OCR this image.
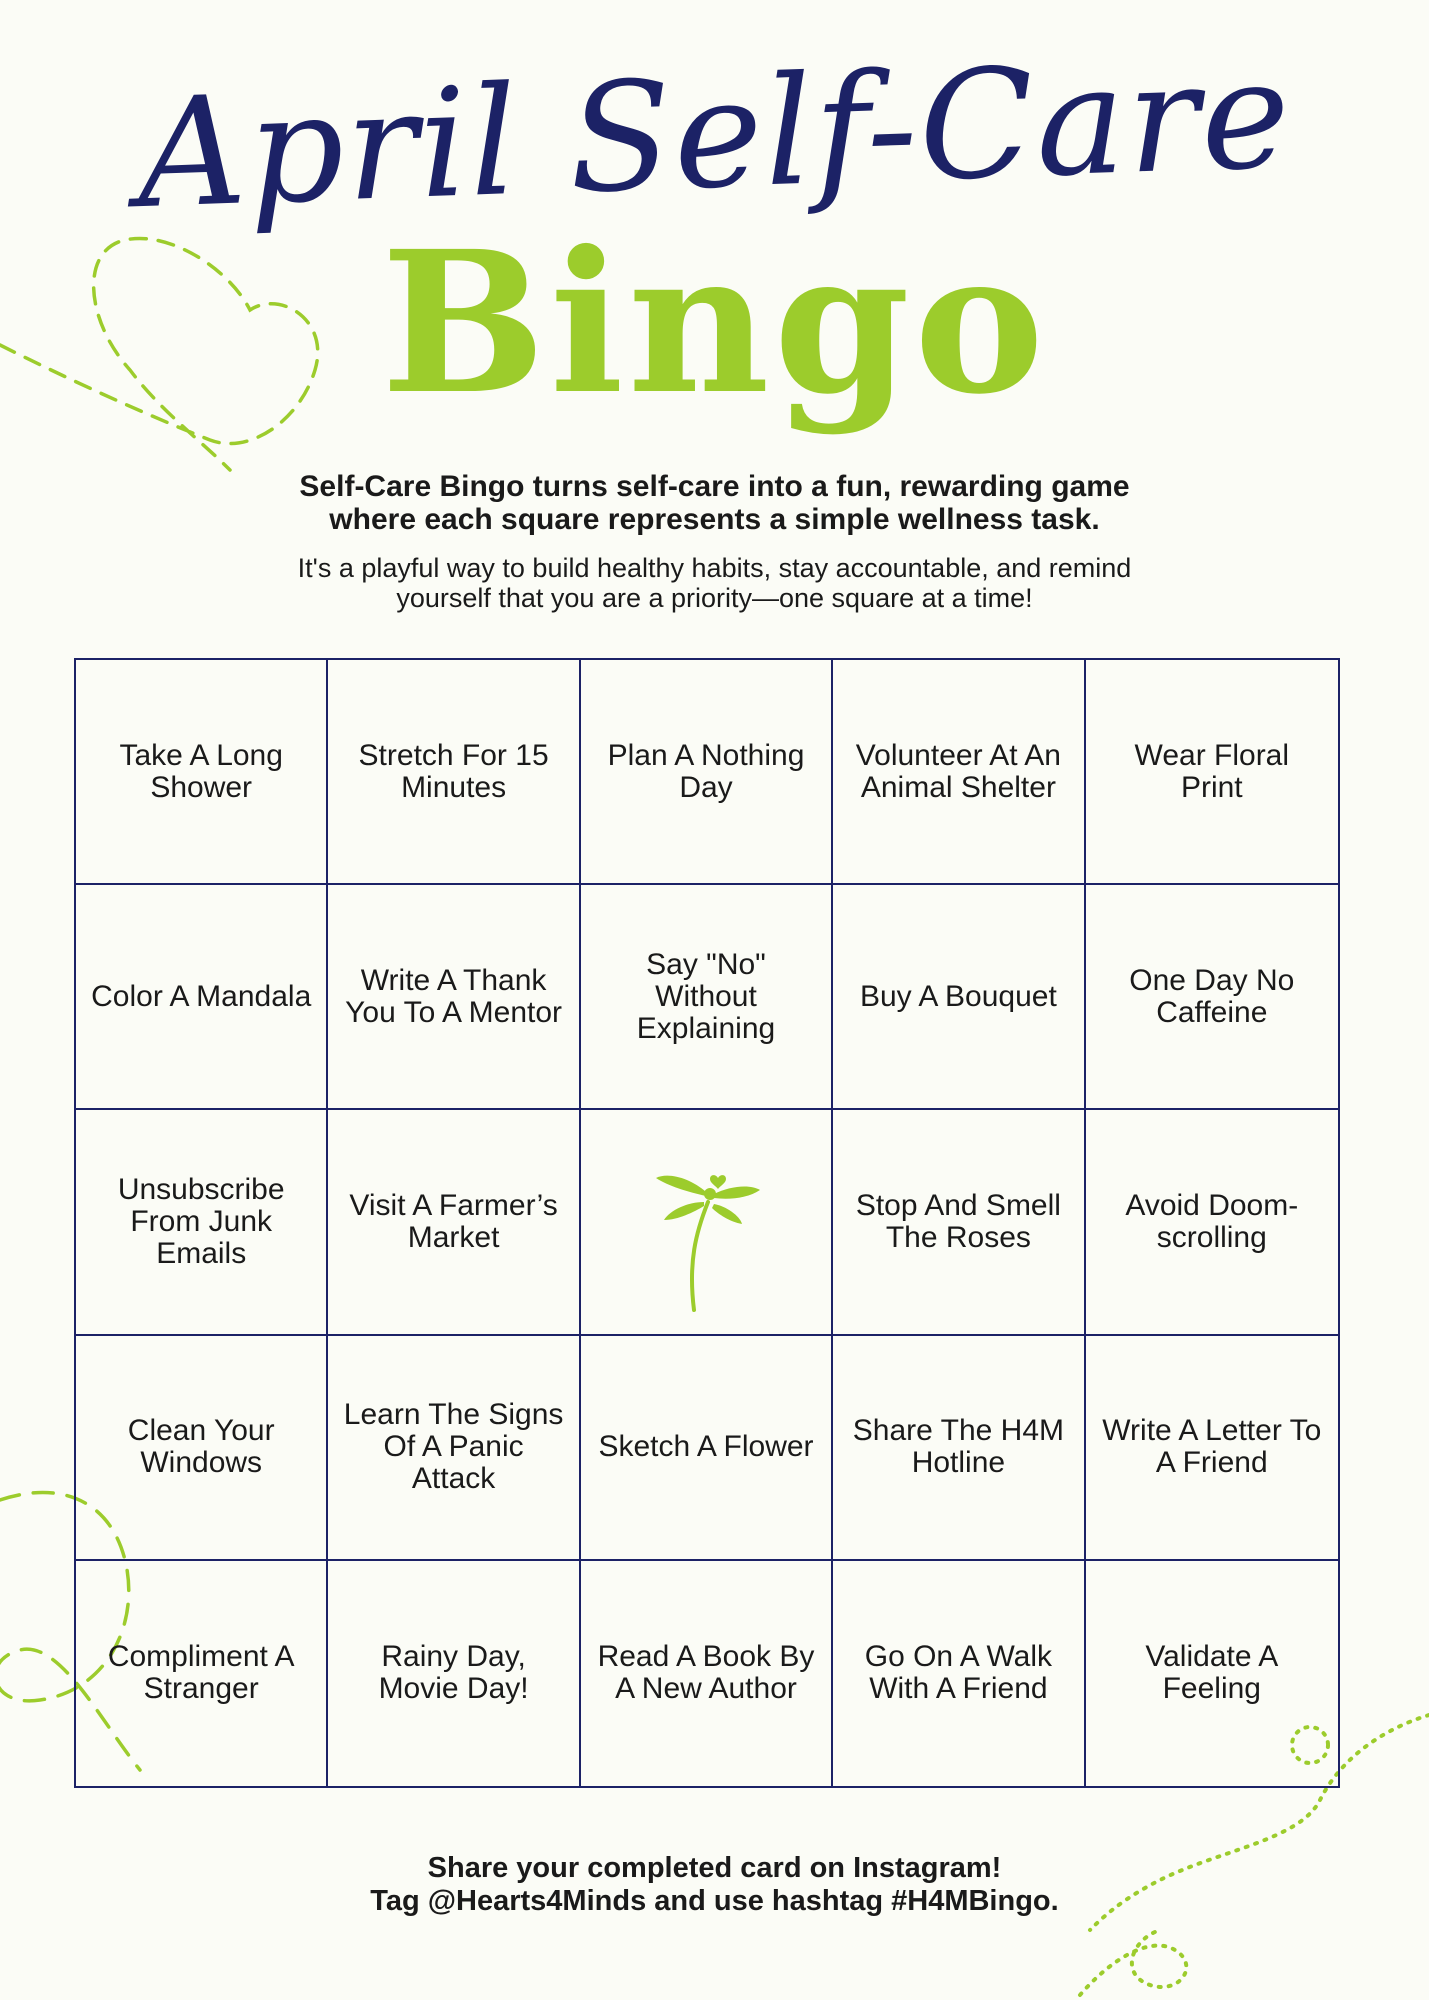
April Self-Care
Bingo
Self-Care Bingo turns self-care into a fun, rewarding game
where each square represents a simple wellness task.
It's a playful way to build healthy habits, stay accountable, and remind
yourself that you are a priority—one square at a time!
Take A Long Shower
Stretch For 15 Minutes
Plan A Nothing Day
Volunteer At An Animal Shelter
Wear Floral Print
Color A Mandala	Write A Thank You To A Mentor
Say "No" Without Explaining
Buy A Bouquet	One Day No Caffeine
Unsubscribe From Junk Emails
Visit A Farmer’s Market
Stop And Smell The Roses
Avoid Doom-scrolling
Clean Your Windows
Learn The Signs Of A Panic Attack
Sketch A Flower Share The H4M Hotline
Write A Letter To A Friend
Compliment A Stranger
Rainy Day, Movie Day!
Read A Book By A New Author
Go On A Walk With A Friend
Validate A Feeling
Share your completed card on Instagram!
Tag @Hearts4Minds and use hashtag #H4MBingo.
